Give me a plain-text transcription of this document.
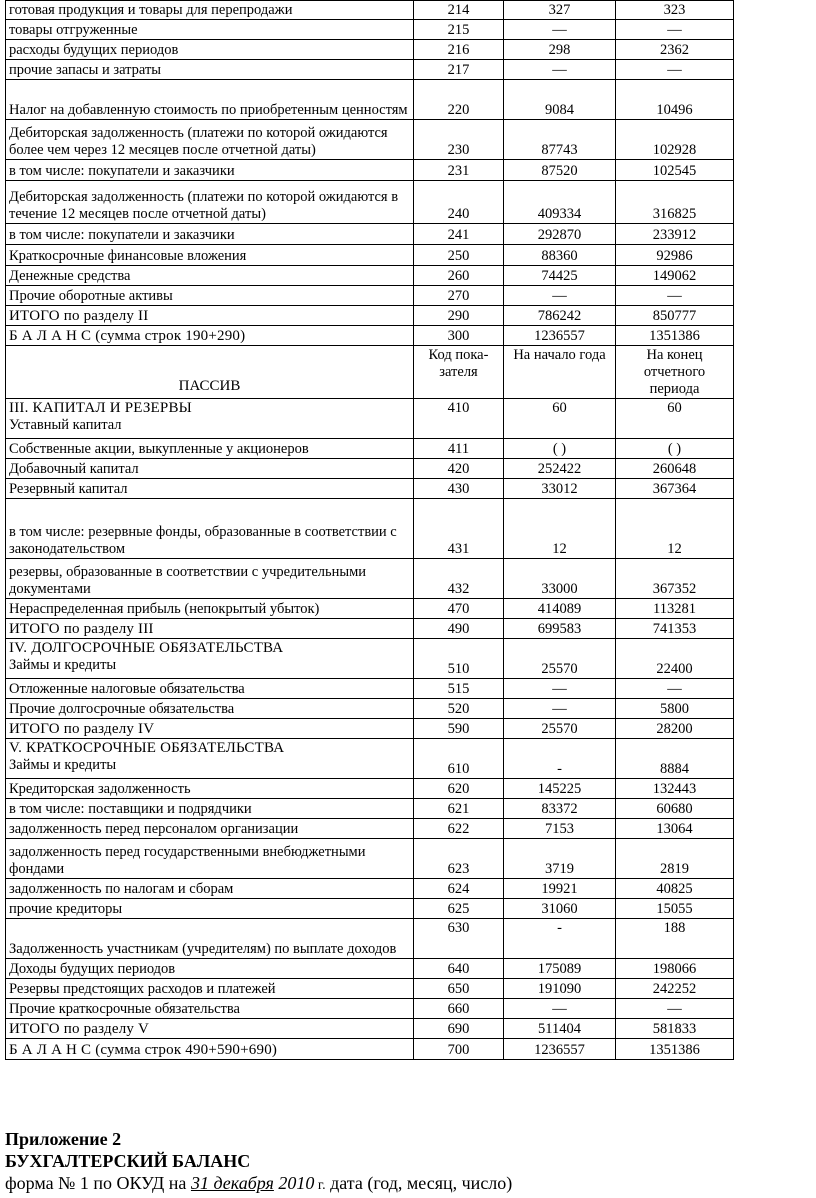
готовая продукция и товары для перепродажи	214	327	323
товары отгруженные	215	—	—
расходы будущих периодов	216	298	2362
прочие запасы и затраты	217	—	—
Налог на добавленную стоимость по приобретенным ценностям	220	9084	10496
Дебиторская задолженность (платежи по которой ожидаются более чем через 12 месяцев после отчетной даты)	230	87743	102928
в том числе: покупатели и заказчики	231	87520	102545
Дебиторская задолженность (платежи по которой ожидаются в течение 12 месяцев после отчетной даты)	240	409334	316825
в том числе: покупатели и заказчики	241	292870	233912
Краткосрочные финансовые вложения	250	88360	92986
Денежные средства	260	74425	149062
Прочие оборотные активы	270	—	—
ИТОГО по разделу II	290	786242	850777
Б А Л А Н С (сумма строк 190+290)	300	1236557	1351386
ПАССИВ	Код пока-зателя	На начало года	На конец отчетного периода

III. КАПИТАЛ И РЕЗЕРВЫ
Уставный капитал	410	60	60
Собственные акции, выкупленные у акционеров	411	( )	( )
Добавочный капитал	420	252422	260648
Резервный капитал	430	33012	367364
в том числе: резервные фонды, образованные в соответствии с законодательством	431	12	12
резервы, образованные в соответствии с учредительными документами	432	33000	367352
Нераспределенная прибыль (непокрытый убыток)	470	414089	113281
ИТОГО по разделу III	490	699583	741353

IV. ДОЛГОСРОЧНЫЕ ОБЯЗАТЕЛЬСТВА
Займы и кредиты	510	25570	22400
Отложенные налоговые обязательства	515	—	—
Прочие долгосрочные обязательства	520	—	5800
ИТОГО по разделу IV	590	25570	28200

V. КРАТКОСРОЧНЫЕ ОБЯЗАТЕЛЬСТВА
Займы и кредиты	610	-	8884
Кредиторская задолженность	620	145225	132443
в том числе: поставщики и подрядчики	621	83372	60680
задолженность перед персоналом организации	622	7153	13064
задолженность перед государственными внебюджетными фондами	623	3719	2819
задолженность по налогам и сборам	624	19921	40825
прочие кредиторы	625	31060	15055
Задолженность участникам (учредителям) по выплате доходов	630	-	188
Доходы будущих периодов	640	175089	198066
Резервы предстоящих расходов и платежей	650	191090	242252
Прочие краткосрочные обязательства	660	—	—
ИТОГО по разделу V	690	511404	581833
Б А Л А Н С (сумма строк 490+590+690)	700	1236557	1351386
Приложение 2
БУХГАЛТЕРСКИЙ БАЛАНС
форма № 1 по ОКУД на 31 декабря 2010 г. дата (год, месяц, число)
